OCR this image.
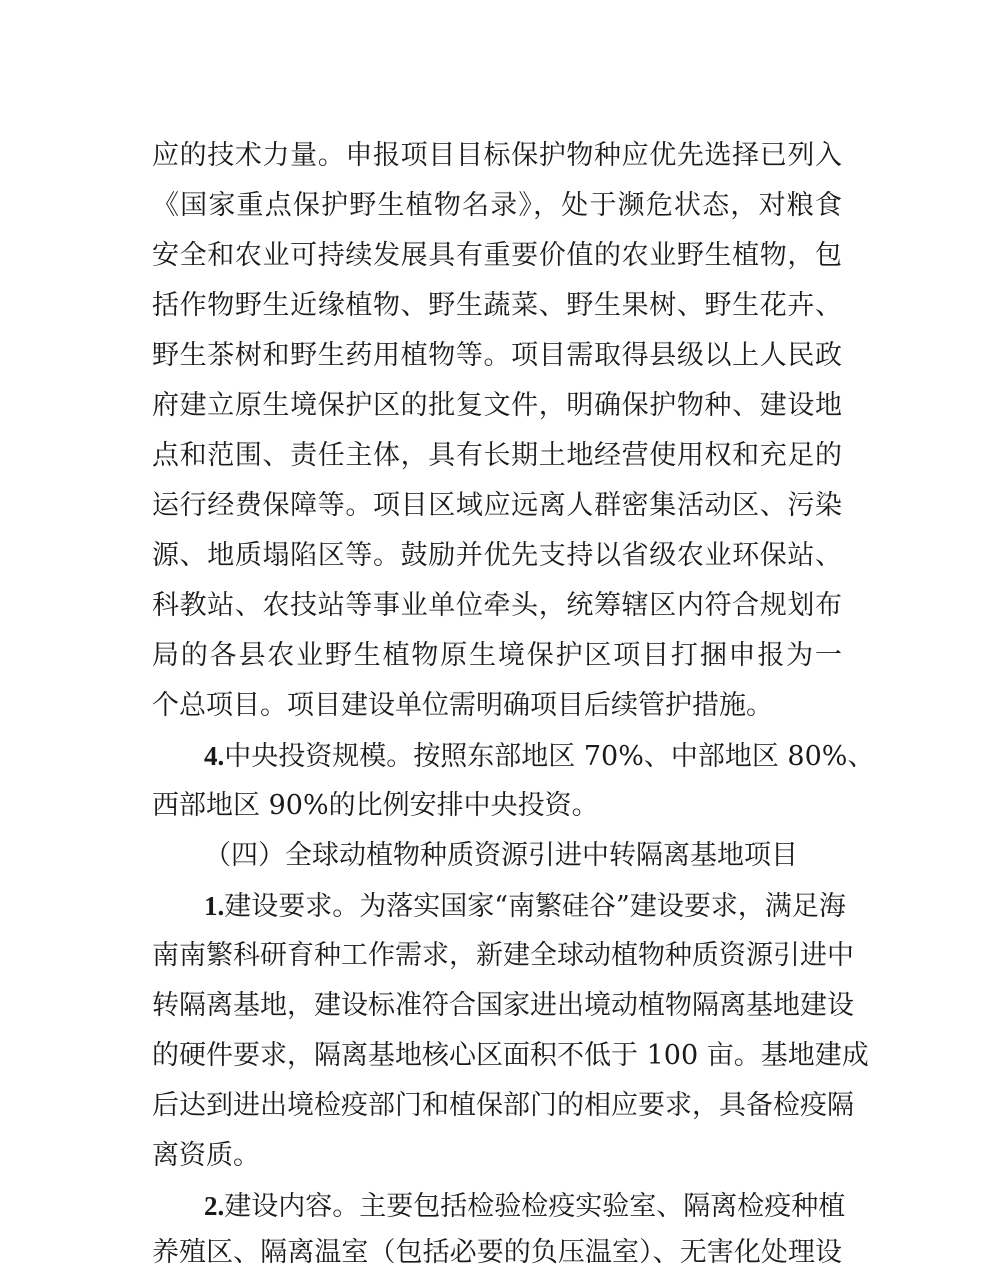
应的技术力量。申报项目目标保护物种应优先选择已列入
《国家重点保护野生植物名录》，处于濒危状态，对粮食
安全和农业可持续发展具有重要价值的农业野生植物，包
括作物野生近缘植物、野生蔬菜、野生果树、野生花卉、
野生茶树和野生药用植物等。项目需取得县级以上人民政
府建立原生境保护区的批复文件，明确保护物种、建设地
点和范围、责任主体，具有长期土地经营使用权和充足的
运行经费保障等。项目区域应远离人群密集活动区、污染
源、地质塌陷区等。鼓励并优先支持以省级农业环保站、
科教站、农技站等事业单位牵头，统筹辖区内符合规划布
局的各县农业野生植物原生境保护区项目打捆申报为一
个总项目。项目建设单位需明确项目后续管护措施。
4.中央投资规模。按照东部地区 70%、中部地区 80%、
西部地区 90%的比例安排中央投资。
（四）全球动植物种质资源引进中转隔离基地项目
1.建设要求。为落实国家“南繁硅谷”建设要求，满足海
南南繁科研育种工作需求，新建全球动植物种质资源引进中
转隔离基地，建设标准符合国家进出境动植物隔离基地建设
的硬件要求，隔离基地核心区面积不低于 100 亩。基地建成
后达到进出境检疫部门和植保部门的相应要求，具备检疫隔
离资质。
2.建设内容。主要包括检验检疫实验室、隔离检疫种植
养殖区、隔离温室（包括必要的负压温室）、无害化处理设
